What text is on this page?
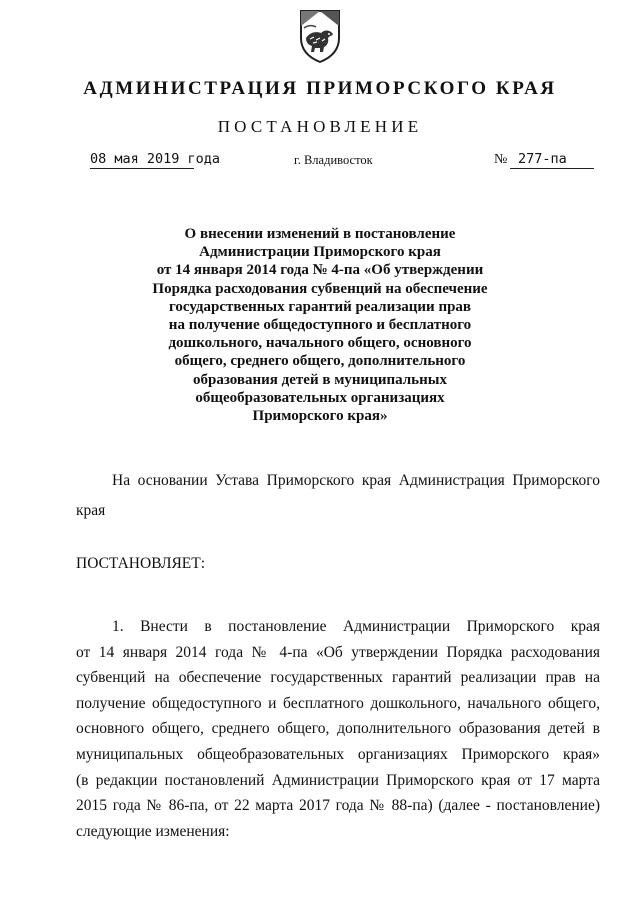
АДМИНИСТРАЦИЯ ПРИМОРСКОГО КРАЯ
ПОСТАНОВЛЕНИЕ
08 мая 2019 года	г. Владивосток	№ 277-па
О внесении изменений в постановление
Администрации Приморского края
от 14 января 2014 года № 4-па «Об утверждении
Порядка расходования субвенций на обеспечение
государственных гарантий реализации прав
на получение общедоступного и бесплатного
дошкольного, начального общего, основного
общего, среднего общего, дополнительного
образования детей в муниципальных
общеобразовательных организациях
Приморского края»
На основании Устава Приморского края Администрация Приморского
края
ПОСТАНОВЛЯЕТ:
1. Внести в постановление Администрации Приморского края
от 14 января 2014 года № 4-па «Об утверждении Порядка расходования
субвенций на обеспечение государственных гарантий реализации прав на
получение общедоступного и бесплатного дошкольного, начального общего,
основного общего, среднего общего, дополнительного образования детей в
муниципальных общеобразовательных организациях Приморского края»
(в редакции постановлений Администрации Приморского края от 17 марта
2015 года № 86-па, от 22 марта 2017 года № 88-па) (далее - постановление)
следующие изменения:
